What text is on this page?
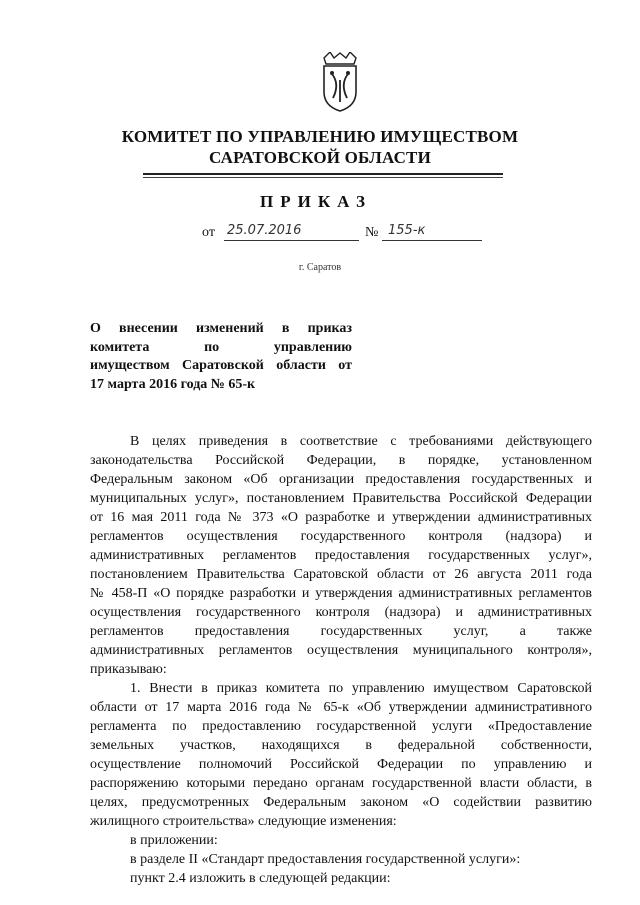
КОМИТЕТ ПО УПРАВЛЕНИЮ ИМУЩЕСТВОМ
САРАТОВСКОЙ ОБЛАСТИ
ПРИКАЗ
от 25.07.2016	№ 155-к
г. Саратов
О внесении изменений в приказ
комитета по управлению
имуществом Саратовской области от
17 марта 2016 года № 65-к
В целях приведения в соответствие с требованиями действующего
законодательства Российской Федерации, в порядке, установленном
Федеральным законом «Об организации предоставления государственных и
муниципальных услуг», постановлением Правительства Российской Федерации
от 16 мая 2011 года № 373 «О разработке и утверждении административных
регламентов осуществления государственного контроля (надзора) и
административных регламентов предоставления государственных услуг»,
постановлением Правительства Саратовской области от 26 августа 2011 года
№ 458-П «О порядке разработки и утверждения административных регламентов
осуществления государственного контроля (надзора) и административных
регламентов предоставления государственных услуг, а также
административных регламентов осуществления муниципального контроля»,
приказываю:
1. Внести в приказ комитета по управлению имуществом Саратовской
области от 17 марта 2016 года № 65-к «Об утверждении административного
регламента по предоставлению государственной услуги «Предоставление
земельных участков, находящихся в федеральной собственности,
осуществление полномочий Российской Федерации по управлению и
распоряжению которыми передано органам государственной власти области, в
целях, предусмотренных Федеральным законом «О содействии развитию
жилищного строительства» следующие изменения:
в приложении:
в разделе II «Стандарт предоставления государственной услуги»:
пункт 2.4 изложить в следующей редакции:
